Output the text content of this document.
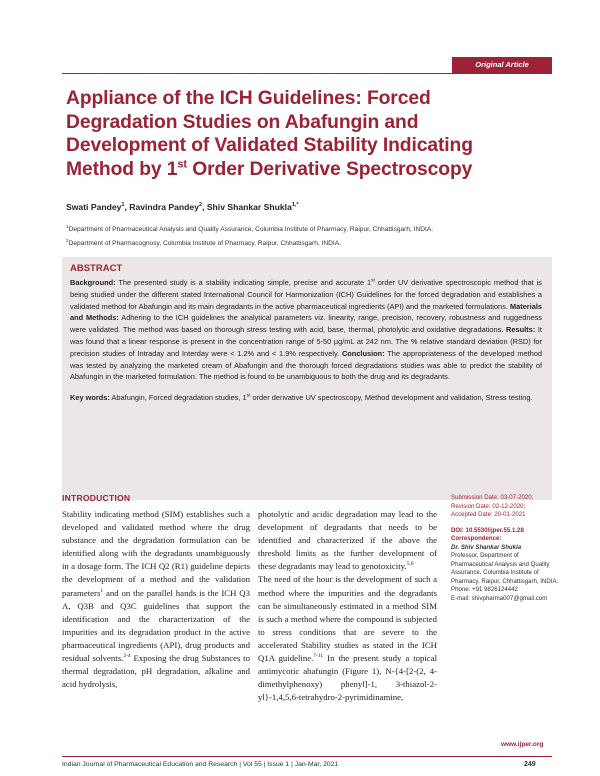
Original Article
Appliance of the ICH Guidelines: Forced Degradation Studies on Abafungin and Development of Validated Stability Indicating Method by 1st Order Derivative Spectroscopy
Swati Pandey$^1$, Ravindra Pandey$^2$, Shiv Shankar Shukla$^{1,*}$
$^1$Department of Pharmaceutical Analysis and Quality Assurance, Columbia Institute of Pharmacy, Raipur, Chhattisgarh, INDIA.
$^2$Department of Pharmacognosy, Columbia Institute of Pharmacy, Raipur, Chhattisgarh, INDIA.
ABSTRACT

Background: The presented study is a stability indicating simple, precise and accurate 1st order UV derivative spectroscopic method that is being studied under the different stated International Council for Harmonization (ICH) Guidelines for the forced degradation and establishes a validated method for Abafungin and its main degradants in the active pharmaceutical ingredients (API) and the marketed formulations. Materials and Methods: Adhering to the ICH guidelines the analytical parameters viz. linearity, range, precision, recovery, robustness and ruggedness were validated. The method was based on thorough stress testing with acid, base, thermal, photolytic and oxidative degradations. Results: It was found that a linear response is present in the concentration range of 5-50 µg/mL at 242 nm. The % relative standard deviation (RSD) for precision studies of Intraday and Interday were < 1.2% and < 1.9% respectively. Conclusion: The appropriateness of the developed method was tested by analyzing the marketed cream of Abafungin and the thorough forced degradations studies was able to predict the stability of Abafungin in the marketed formulation. The method is found to be unambiguous to both the drug and its degradants.

Key words: Abafungin, Forced degradation studies, 1st order derivative UV spectroscopy, Method development and validation, Stress testing.

INTRODUCTION

Stability indicating method (SIM) establishes such a developed and validated method where the drug substance and the degradation formulation can be identified along with the degradants unambiguously in a dosage form. The ICH Q2 (R1) guideline depicts the development of a method and the validation parameters$^1$ and on the parallel hands is the ICH Q3 A, Q3B and Q3C guidelines that support the identification and the characterization of the impurities and its degradation product in the active pharmaceutical ingredients (API), drug products and residual solvents.$^{2-4}$ Exposing the drug Substances to thermal degradation, pH degradation, alkaline and acid hydrolysis,

photolytic and acidic degradation may lead to the development of degradants that needs to be identified and characterized if the above the threshold limits as the further development of these degradants may lead to genotoxicity.$^{5,6}$

The need of the hour is the development of such a method where the impurities and the degradants can be simultaneously estimated in a method SIM is such a method where the compound is subjected to stress conditions that are severe to the accelerated Stability studies as stated in the ICH Q1A guideline.$^{7-11}$ In the present study a topical antimycotic abafungin (Figure 1), N-{4-[2-(2, 4-dimethylphenoxy) phenyl]-1, 3-thiazol-2-yl}-1,4,5,6-tetrahydro-2-pyrimidinamine,

Submission Date: 03-07-2020;
Revision Date: 02-12-2020;
Accepted Date: 20-01-2021
DOI: 10.5530/ijper.55.1.28
Correspondence:
Dr. Shiv Shankar Shukla
Professor, Department of Pharmaceutical Analysis and Quality Assurance, Columbia Institute of Pharmacy, Raipur, Chhattisgarh, INDIA.
Phone: +91 9826124442
E-mail: shivpharma007@gmail.com
www.ijper.org
Indian Journal of Pharmaceutical Education and Research | Vol 55 | Issue 1 | Jan-Mar, 2021	249
